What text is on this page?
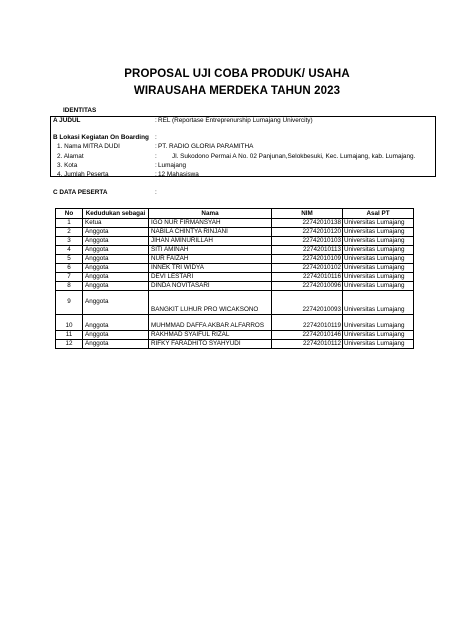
PROPOSAL UJI COBA PRODUK/ USAHA
WIRAUSAHA MERDEKA TAHUN 2023
IDENTITAS
A JUDUL	: REL (Reportase Entreprenurship Lumajang Univercity)
B Lokasi Kegiatan On Boarding :
1. Nama MITRA DUDI	: PT. RADIO GLORIA PARAMITHA
2. Alamat	: Jl. Sukodono Permai A No. 02 Panjunan,Selokbesuki, Kec. Lumajang, kab. Lumajang.
3. Kota	: Lumajang
4. Jumlah Peserta	: 12 Mahasiswa
C DATA PESERTA	:
No	Kedudukan sebagai	Nama	NIM	Asal PT
1	Ketua	IGO NUR FIRMANSYAH	22742010138	Universitas Lumajang
2	Anggota	NABILA CHINTYA RINJANI	22742010120	Universitas Lumajang
3	Anggota	JIHAN AMINURILLAH	22742010103	Universitas Lumajang
4	Anggota	SITI AMINAH	22742010113	Universitas Lumajang
5	Anggota	NUR FAIZAH	22742010109	Universitas Lumajang
6	Anggota	INNEK TRI WIDYA	22742010102	Universitas Lumajang
7	Anggota	DEVI LESTARI	22742010116	Universitas Lumajang
8	Anggota	DINDA NOVITASARI	22742010096	Universitas Lumajang
9	Anggota	BANGKIT LUHUR PRO WICAKSONO	22742010093	Universitas Lumajang
10	Anggota	MUHMMAD DAFFA AKBAR ALFARROS	22742010119	Universitas Lumajang
11	Anggota	RAKHMAD SYAIFUL RIZAL	22742010146	Universitas Lumajang
12	Anggota	RIFKY FARADHITO SYAHYUDI	22742010112	Universitas Lumajang
